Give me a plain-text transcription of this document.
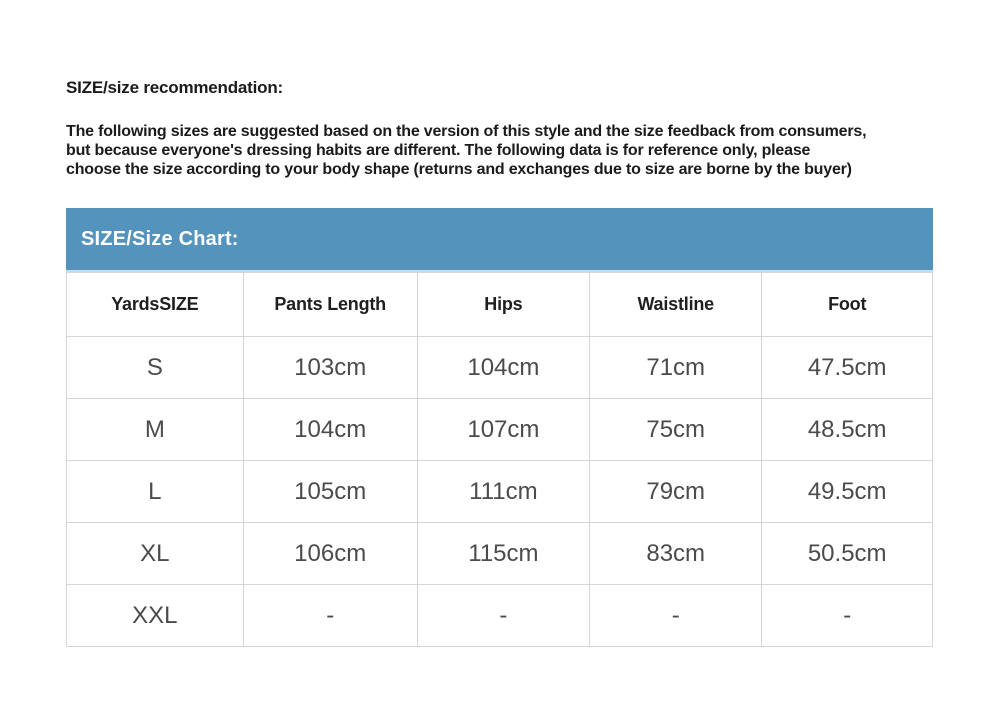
SIZE/size recommendation:
The following sizes are suggested based on the version of this style and the size feedback from consumers,
but because everyone's dressing habits are different. The following data is for reference only, please
choose the size according to your body shape (returns and exchanges due to size are borne by the buyer)
SIZE/Size Chart:
YardsSIZE	Pants Length	Hips	Waistline	Foot
S	103cm	104cm	71cm	47.5cm
M	104cm	107cm	75cm	48.5cm
L	105cm	111cm	79cm	49.5cm
XL	106cm	115cm	83cm	50.5cm
XXL	-	-	-	-
